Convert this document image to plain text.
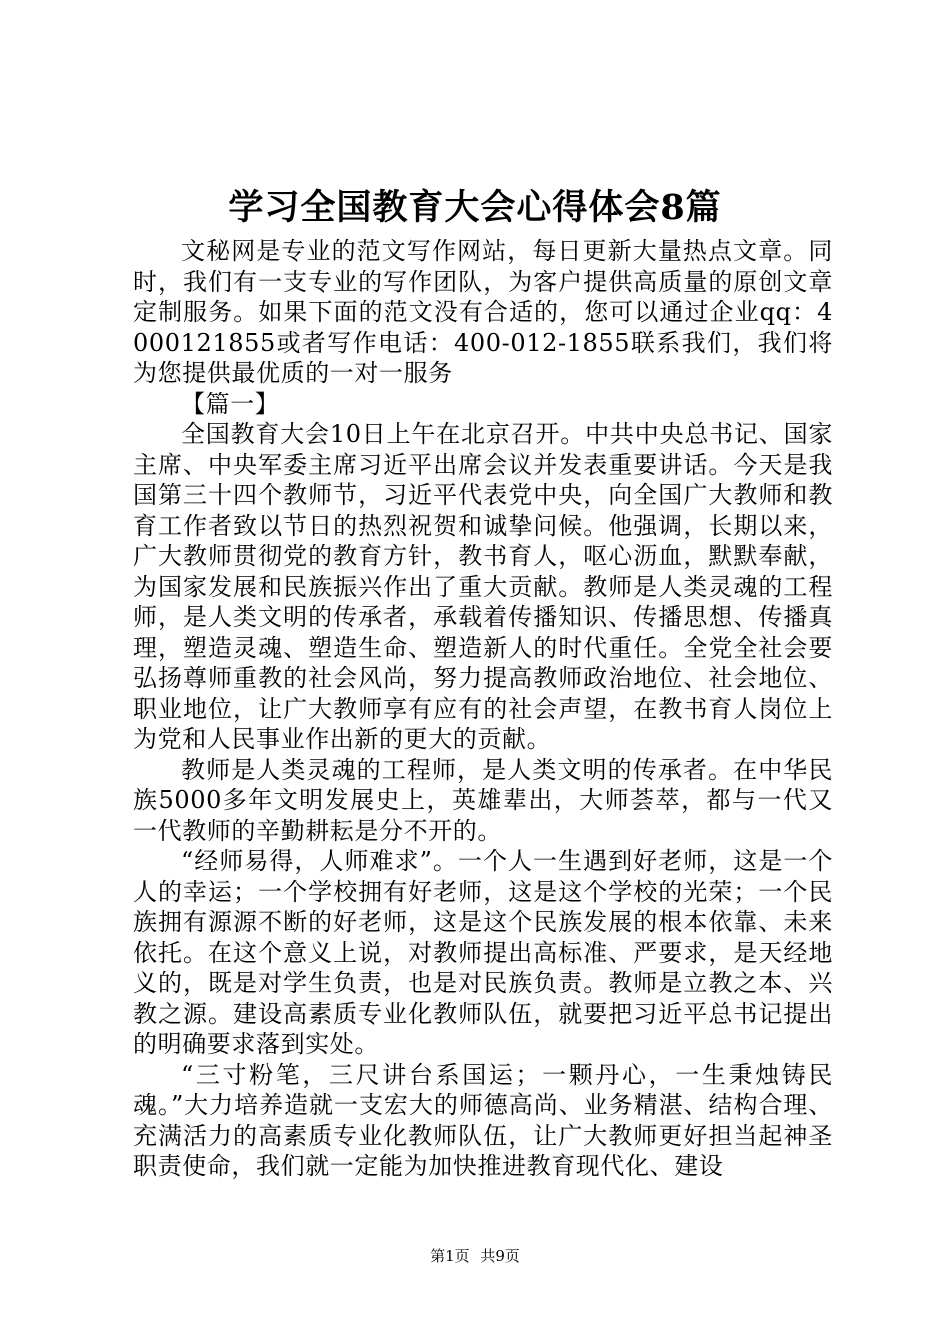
学习全国教育大会心得体会8篇

文秘网是专业的范文写作网站，每日更新大量热点文章。同时，我们有一支专业的写作团队，为客户提供高质量的原创文章定制服务。如果下面的范文没有合适的，您可以通过企业qq：4000121855或者写作电话：400-012-1855联系我们，我们将为您提供最优质的一对一服务

【篇一】

全国教育大会10日上午在北京召开。中共中央总书记、国家主席、中央军委主席习近平出席会议并发表重要讲话。今天是我国第三十四个教师节，习近平代表党中央，向全国广大教师和教育工作者致以节日的热烈祝贺和诚挚问候。他强调，长期以来，广大教师贯彻党的教育方针，教书育人，呕心沥血，默默奉献，为国家发展和民族振兴作出了重大贡献。教师是人类灵魂的工程师，是人类文明的传承者，承载着传播知识、传播思想、传播真理，塑造灵魂、塑造生命、塑造新人的时代重任。全党全社会要弘扬尊师重教的社会风尚，努力提高教师政治地位、社会地位、职业地位，让广大教师享有应有的社会声望，在教书育人岗位上为党和人民事业作出新的更大的贡献。

教师是人类灵魂的工程师，是人类文明的传承者。在中华民族5000多年文明发展史上，英雄辈出，大师荟萃，都与一代又一代教师的辛勤耕耘是分不开的。

“经师易得，人师难求”。一个人一生遇到好老师，这是一个人的幸运；一个学校拥有好老师，这是这个学校的光荣；一个民族拥有源源不断的好老师，这是这个民族发展的根本依靠、未来依托。在这个意义上说，对教师提出高标准、严要求，是天经地义的，既是对学生负责，也是对民族负责。教师是立教之本、兴教之源。建设高素质专业化教师队伍，就要把习近平总书记提出的明确要求落到实处。

“三寸粉笔，三尺讲台系国运；一颗丹心，一生秉烛铸民魂。”大力培养造就一支宏大的师德高尚、业务精湛、结构合理、充满活力的高素质专业化教师队伍，让广大教师更好担当起神圣职责使命，我们就一定能为加快推进教育现代化、建设

第1页 共9页
